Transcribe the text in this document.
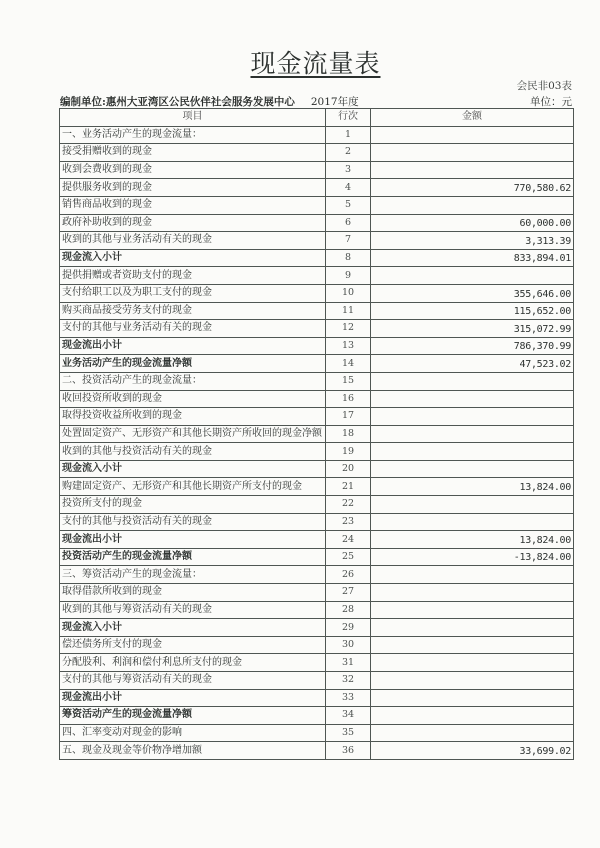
现金流量表
会民非03表
编制单位:惠州大亚湾区公民伙伴社会服务发展中心 2017年度	单位：元
项目	行次	金额
一、业务活动产生的现金流量：	1	
接受捐赠收到的现金	2	
收到会费收到的现金	3	
提供服务收到的现金	4	770,580.62
销售商品收到的现金	5	
政府补助收到的现金	6	60,000.00
收到的其他与业务活动有关的现金	7	3,313.39
现金流入小计	8	833,894.01
提供捐赠或者资助支付的现金	9	
支付给职工以及为职工支付的现金	10	355,646.00
购买商品接受劳务支付的现金	11	115,652.00
支付的其他与业务活动有关的现金	12	315,072.99
现金流出小计	13	786,370.99
业务活动产生的现金流量净额	14	47,523.02
二、投资活动产生的现金流量：	15	
收回投资所收到的现金	16	
取得投资收益所收到的现金	17	
处置固定资产、无形资产和其他长期资产所收回的现金净额	18	
收到的其他与投资活动有关的现金	19	
现金流入小计	20	
购建固定资产、无形资产和其他长期资产所支付的现金	21	13,824.00
投资所支付的现金	22	
支付的其他与投资活动有关的现金	23	
现金流出小计	24	13,824.00
投资活动产生的现金流量净额	25	-13,824.00
三、筹资活动产生的现金流量：	26	
取得借款所收到的现金	27	
收到的其他与筹资活动有关的现金	28	
现金流入小计	29	
偿还债务所支付的现金	30	
分配股利、利润和偿付利息所支付的现金	31	
支付的其他与筹资活动有关的现金	32	
现金流出小计	33	
筹资活动产生的现金流量净额	34	
四、汇率变动对现金的影响	35	
五、现金及现金等价物净增加额	36	33,699.02
